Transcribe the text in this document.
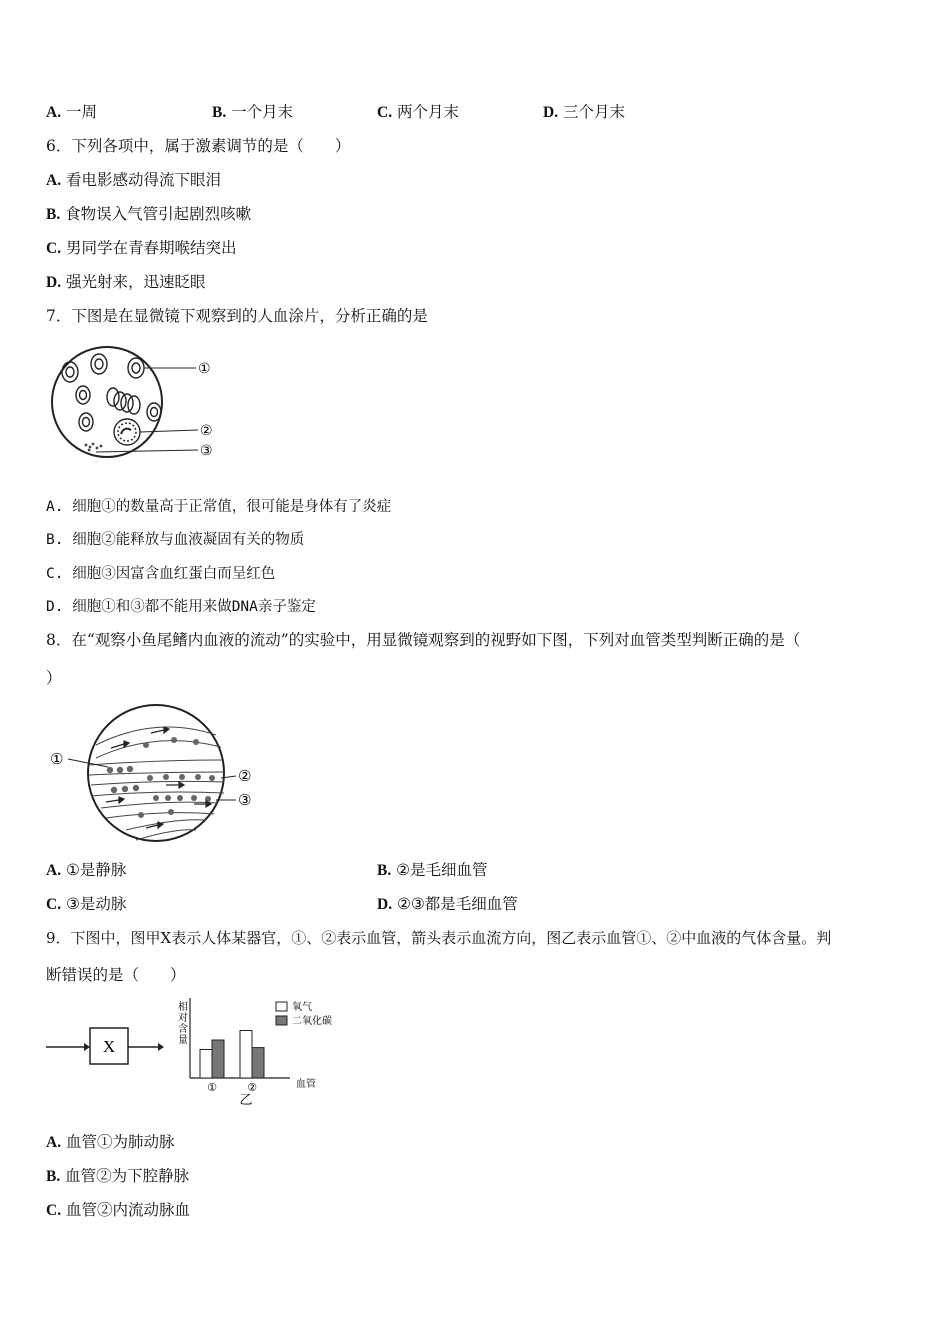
A. 一周	B. 一个月末	C. 两个月末	D. 三个月末
6．下列各项中，属于激素调节的是（　　）
A. 看电影感动得流下眼泪
B. 食物误入气管引起剧烈咳嗽
C. 男同学在青春期喉结突出
D. 强光射来，迅速眨眼
7．下图是在显微镜下观察到的人血涂片，分析正确的是
①
②
③
A. 细胞①的数量高于正常值，很可能是身体有了炎症
B. 细胞②能释放与血液凝固有关的物质
C. 细胞③因富含血红蛋白而呈红色
D. 细胞①和③都不能用来做DNA亲子鉴定
8．在“观察小鱼尾鳍内血液的流动”的实验中，用显微镜观察到的视野如下图，下列对血管类型判断正确的是（
）
①
②
③
A. ①是静脉	B. ②是毛细血管
C. ③是动脉	D. ②③都是毛细血管
9．下图中，图甲X表示人体某器官，①、②表示血管，箭头表示血流方向，图乙表示血管①、②中血液的气体含量。判
断错误的是（　　）
X
相
对
含
量
①	②	血管
乙
氧气
二氧化碳
A. 血管①为肺动脉
B. 血管②为下腔静脉
C. 血管②内流动脉血
